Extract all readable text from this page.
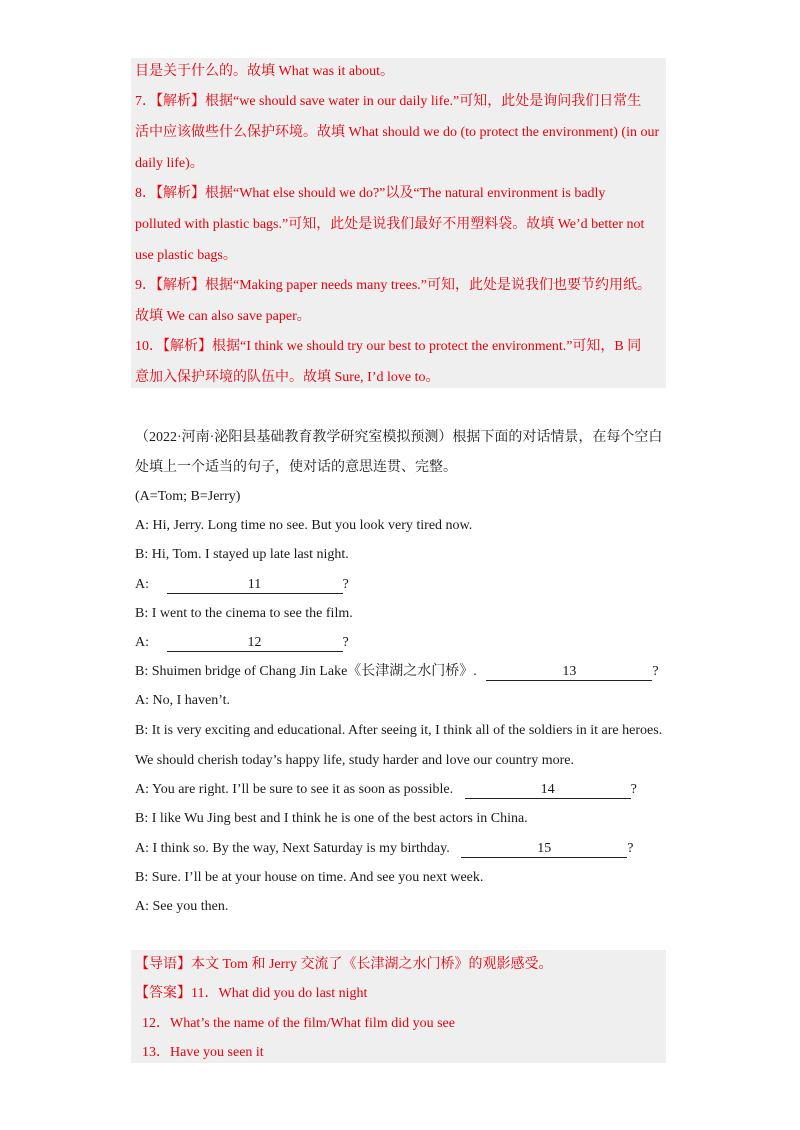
目是关于什么的。故填 What was it about。
7．【解析】根据“we should save water in our daily life.”可知，此处是询问我们日常生
活中应该做些什么保护环境。故填 What should we do (to protect the environment) (in our
daily life)。
8．【解析】根据“What else should we do?”以及“The natural environment is badly
polluted with plastic bags.”可知，此处是说我们最好不用塑料袋。故填 We’d better not
use plastic bags。
9．【解析】根据“Making paper needs many trees.”可知，此处是说我们也要节约用纸。
故填 We can also save paper。
10．【解析】根据“I think we should try our best to protect the environment.”可知，B 同
意加入保护环境的队伍中。故填 Sure, I’d love to。
（2022·河南·泌阳县基础教育教学研究室模拟预测）根据下面的对话情景，在每个空白
处填上一个适当的句子，使对话的意思连贯、完整。
(A=Tom; B=Jerry)
A: Hi, Jerry. Long time no see. But you look very tired now.
B: Hi, Tom. I stayed up late last night.
A:	11	?
B: I went to the cinema to see the film.
A:	12	?
B: Shuimen bridge of Chang Jin Lake《长津湖之水门桥》.	13	?
A: No, I haven’t.
B: It is very exciting and educational. After seeing it, I think all of the soldiers in it are heroes.
We should cherish today’s happy life, study harder and love our country more.
A: You are right. I’ll be sure to see it as soon as possible.	14	?
B: I like Wu Jing best and I think he is one of the best actors in China.
A: I think so. By the way, Next Saturday is my birthday.	15	?
B: Sure. I’ll be at your house on time. And see you next week.
A: See you then.
【导语】本文 Tom 和 Jerry 交流了《长津湖之水门桥》的观影感受。
【答案】11．What did you do last night
12．What’s the name of the film/What film did you see
13．Have you seen it
